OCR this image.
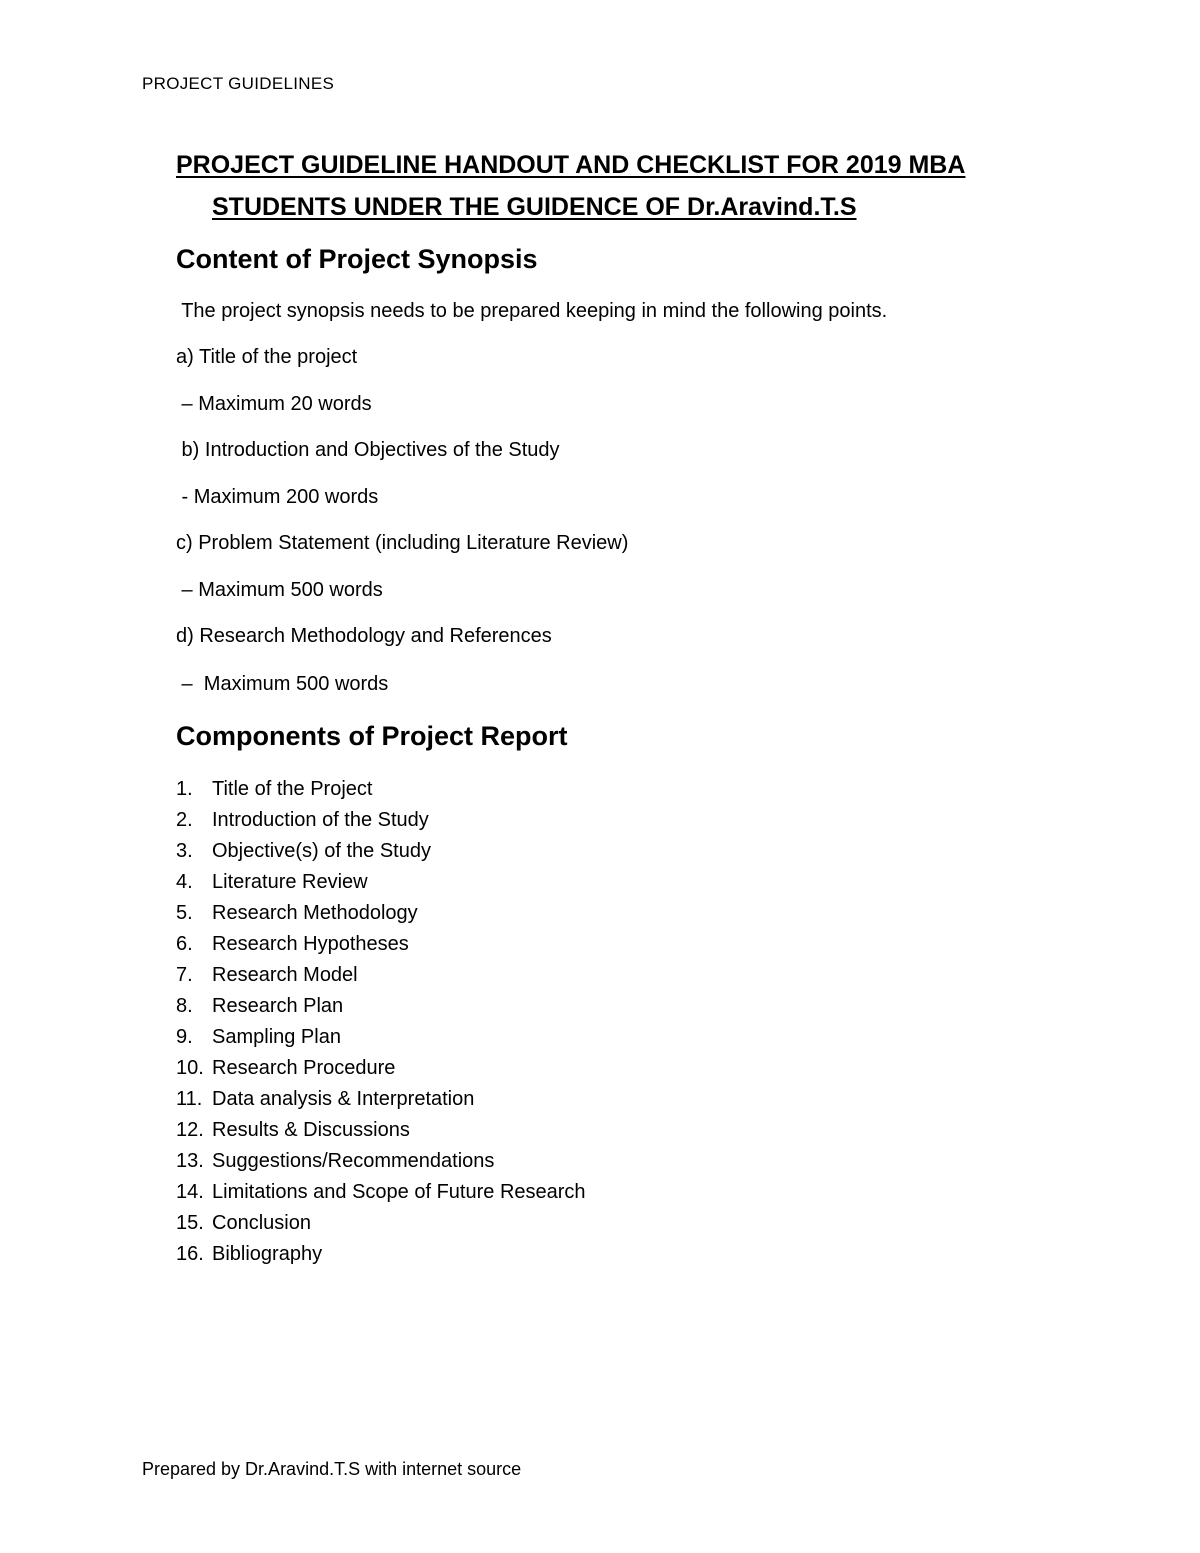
PROJECT GUIDELINES
PROJECT GUIDELINE HANDOUT AND CHECKLIST FOR 2019 MBA
STUDENTS UNDER THE GUIDENCE OF Dr.Aravind.T.S
Content of Project Synopsis
The project synopsis needs to be prepared keeping in mind the following points.
a) Title of the project
– Maximum 20 words
b) Introduction and Objectives of the Study
- Maximum 200 words
c) Problem Statement (including Literature Review)
– Maximum 500 words
d) Research Methodology and References
–  Maximum 500 words
Components of Project Report
1. Title of the Project
2. Introduction of the Study
3. Objective(s) of the Study
4. Literature Review
5. Research Methodology
6. Research Hypotheses
7. Research Model
8. Research Plan
9. Sampling Plan
10. Research Procedure
11. Data analysis & Interpretation
12. Results & Discussions
13. Suggestions/Recommendations
14. Limitations and Scope of Future Research
15. Conclusion
16. Bibliography
Prepared by Dr.Aravind.T.S with internet source
